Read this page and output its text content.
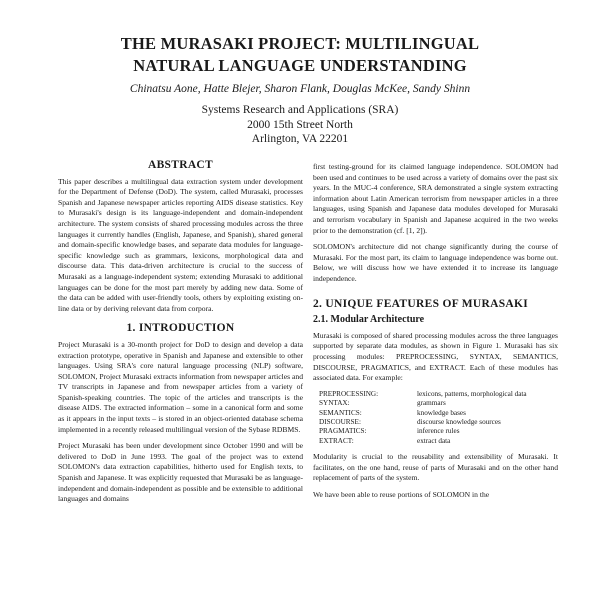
THE MURASAKI PROJECT: MULTILINGUAL
NATURAL LANGUAGE UNDERSTANDING
Chinatsu Aone, Hatte Blejer, Sharon Flank, Douglas McKee, Sandy Shinn
Systems Research and Applications (SRA)
2000 15th Street North
Arlington, VA 22201
ABSTRACT

This paper describes a multilingual data extraction system under development for the Department of Defense (DoD). The system, called Murasaki, processes Spanish and Japanese newspaper articles reporting AIDS disease statistics. Key to Murasaki's design is its language-independent and domain-independent architecture. The system consists of shared processing modules across the three languages it currently handles (English, Japanese, and Spanish), shared general and domain-specific knowledge bases, and separate data modules for language-specific knowledge such as grammars, lexicons, morphological data and discourse data. This data-driven architecture is crucial to the success of Murasaki as a language-independent system; extending Murasaki to additional languages can be done for the most part merely by adding new data. Some of the data can be added with user-friendly tools, others by exploiting existing on-line data or by deriving relevant data from corpora.

1. INTRODUCTION

Project Murasaki is a 30-month project for DoD to design and develop a data extraction prototype, operative in Spanish and Japanese and extensible to other languages. Using SRA's core natural language processing (NLP) software, SOLOMON, Project Murasaki extracts information from newspaper articles and TV transcripts in Japanese and from newspaper articles from a variety of Spanish-speaking countries. The topic of the articles and transcripts is the disease AIDS. The extracted information – some in a canonical form and some as it appears in the input texts – is stored in an object-oriented database schema implemented in a recently released multilingual version of the Sybase RDBMS.

Project Murasaki has been under development since October 1990 and will be delivered to DoD in June 1993. The goal of the project was to extend SOLOMON's data extraction capabilities, hitherto used for English texts, to Spanish and Japanese. It was explicitly requested that Murasaki be as language-independent and domain-independent as possible and be extensible to additional languages and domains

first testing-ground for its claimed language independence. SOLOMON had been used and continues to be used across a variety of domains over the past six years. In the MUC-4 conference, SRA demonstrated a single system extracting information about Latin American terrorism from newspaper articles in a three languages, using Spanish and Japanese data modules developed for Murasaki and terrorism vocabulary in Spanish and Japanese acquired in the two weeks prior to the demonstration (cf. [1, 2]).

SOLOMON's architecture did not change significantly during the course of Murasaki. For the most part, its claim to language independence was borne out. Below, we will discuss how we have extended it to increase its language independence.

2. UNIQUE FEATURES OF MURASAKI
2.1. Modular Architecture

Murasaki is composed of shared processing modules across the three languages supported by separate data modules, as shown in Figure 1. Murasaki has six processing modules: PREPROCESSING, SYNTAX, SEMANTICS, DISCOURSE, PRAGMATICS, and EXTRACT. Each of these modules has associated data. For example:

PREPROCESSING:	lexicons, patterns, morphological data
SYNTAX:	grammars
SEMANTICS:	knowledge bases
DISCOURSE:	discourse knowledge sources
PRAGMATICS:	inference rules
EXTRACT:	extract data

Modularity is crucial to the reusability and extensibility of Murasaki. It facilitates, on the one hand, reuse of parts of Murasaki and on the other hand replacement of parts of the system.

We have been able to reuse portions of SOLOMON in the
